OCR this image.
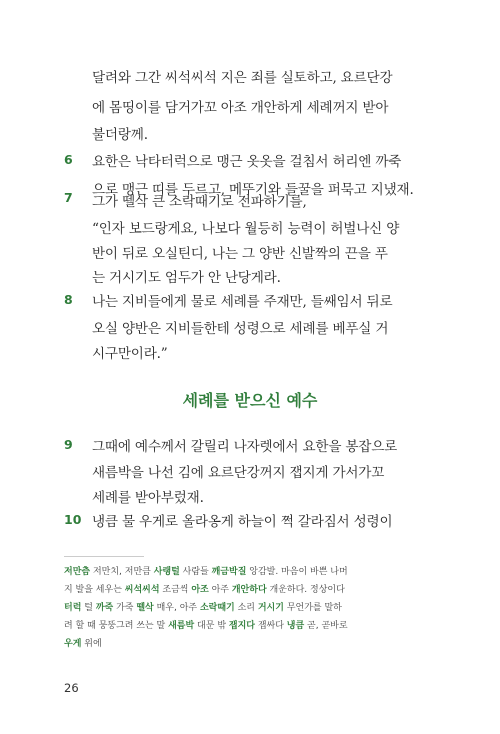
달려와 그간 씨석씨석 지은 죄를 실토하고, 요르단강
에 몸띵이를 담거가꼬 아조 개안하게 세례꺼지 받아
불더랑께.
6 요한은 낙타터럭으로 맹근 옷옷을 걸침서 허리엔 까죽
으로 맹근 띠를 두르고, 메뚜기와 들꿀을 퍼묵고 지냈재.
7 그가 뗄삭 큰 소락때기로 전파하기를,
“인자 보드랑게요, 나보다 월등히 능력이 허벌나신 양
반이 뒤로 오실틴디, 나는 그 양반 신발짝의 끈을 푸
는 거시기도 엄두가 안 난당게라.
8 나는 지비들에게 물로 세례를 주재만, 들쌔임서 뒤로
오실 양반은 지비들한테 성령으로 세례를 베푸실 거
시구만이라.”
세례를 받으신 예수
9 그때에 예수께서 갈릴리 나자렛에서 요한을 봉잡으로
새름박을 나선 김에 요르단강꺼지 잽지게 가서가꼬
세례를 받아부렀재.
10 냉큼 물 우게로 올라옹게 하늘이 쩍 갈라짐서 성령이
저만츰 저만치, 저만큼 사랭털 사람들 깨금박질 앙감발. 마음이 바쁜 나머
지 발을 세우는 씨석씨석 조금씩 아조 아주 개안하다 개운하다. 정상이다
터럭 털 까죽 가죽 뗄삭 매우, 아주 소락때기 소리 거시기 무언가를 말하
려 할 때 뭉뚱그려 쓰는 말 새름박 대문 밖 잽지다 잽싸다 냉큼 곧, 곧바로
우게 위에
26
